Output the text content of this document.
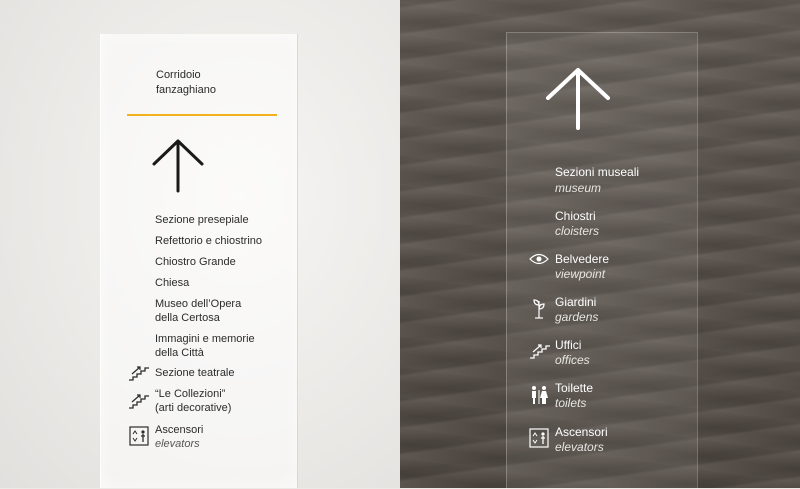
Corridoio
fanzaghiano
Sezione presepiale
Refettorio e chiostrino
Chiostro Grande
Chiesa
Museo dell’Opera
della Certosa
Immagini e memorie
della Città
Sezione teatrale
“Le Collezioni”
(arti decorative)
Ascensori
elevators
Sezioni museali
museum
Chiostri
cloisters
Belvedere
viewpoint
Giardini
gardens
Uffici
offices
Toilette
toilets
Ascensori
elevators
